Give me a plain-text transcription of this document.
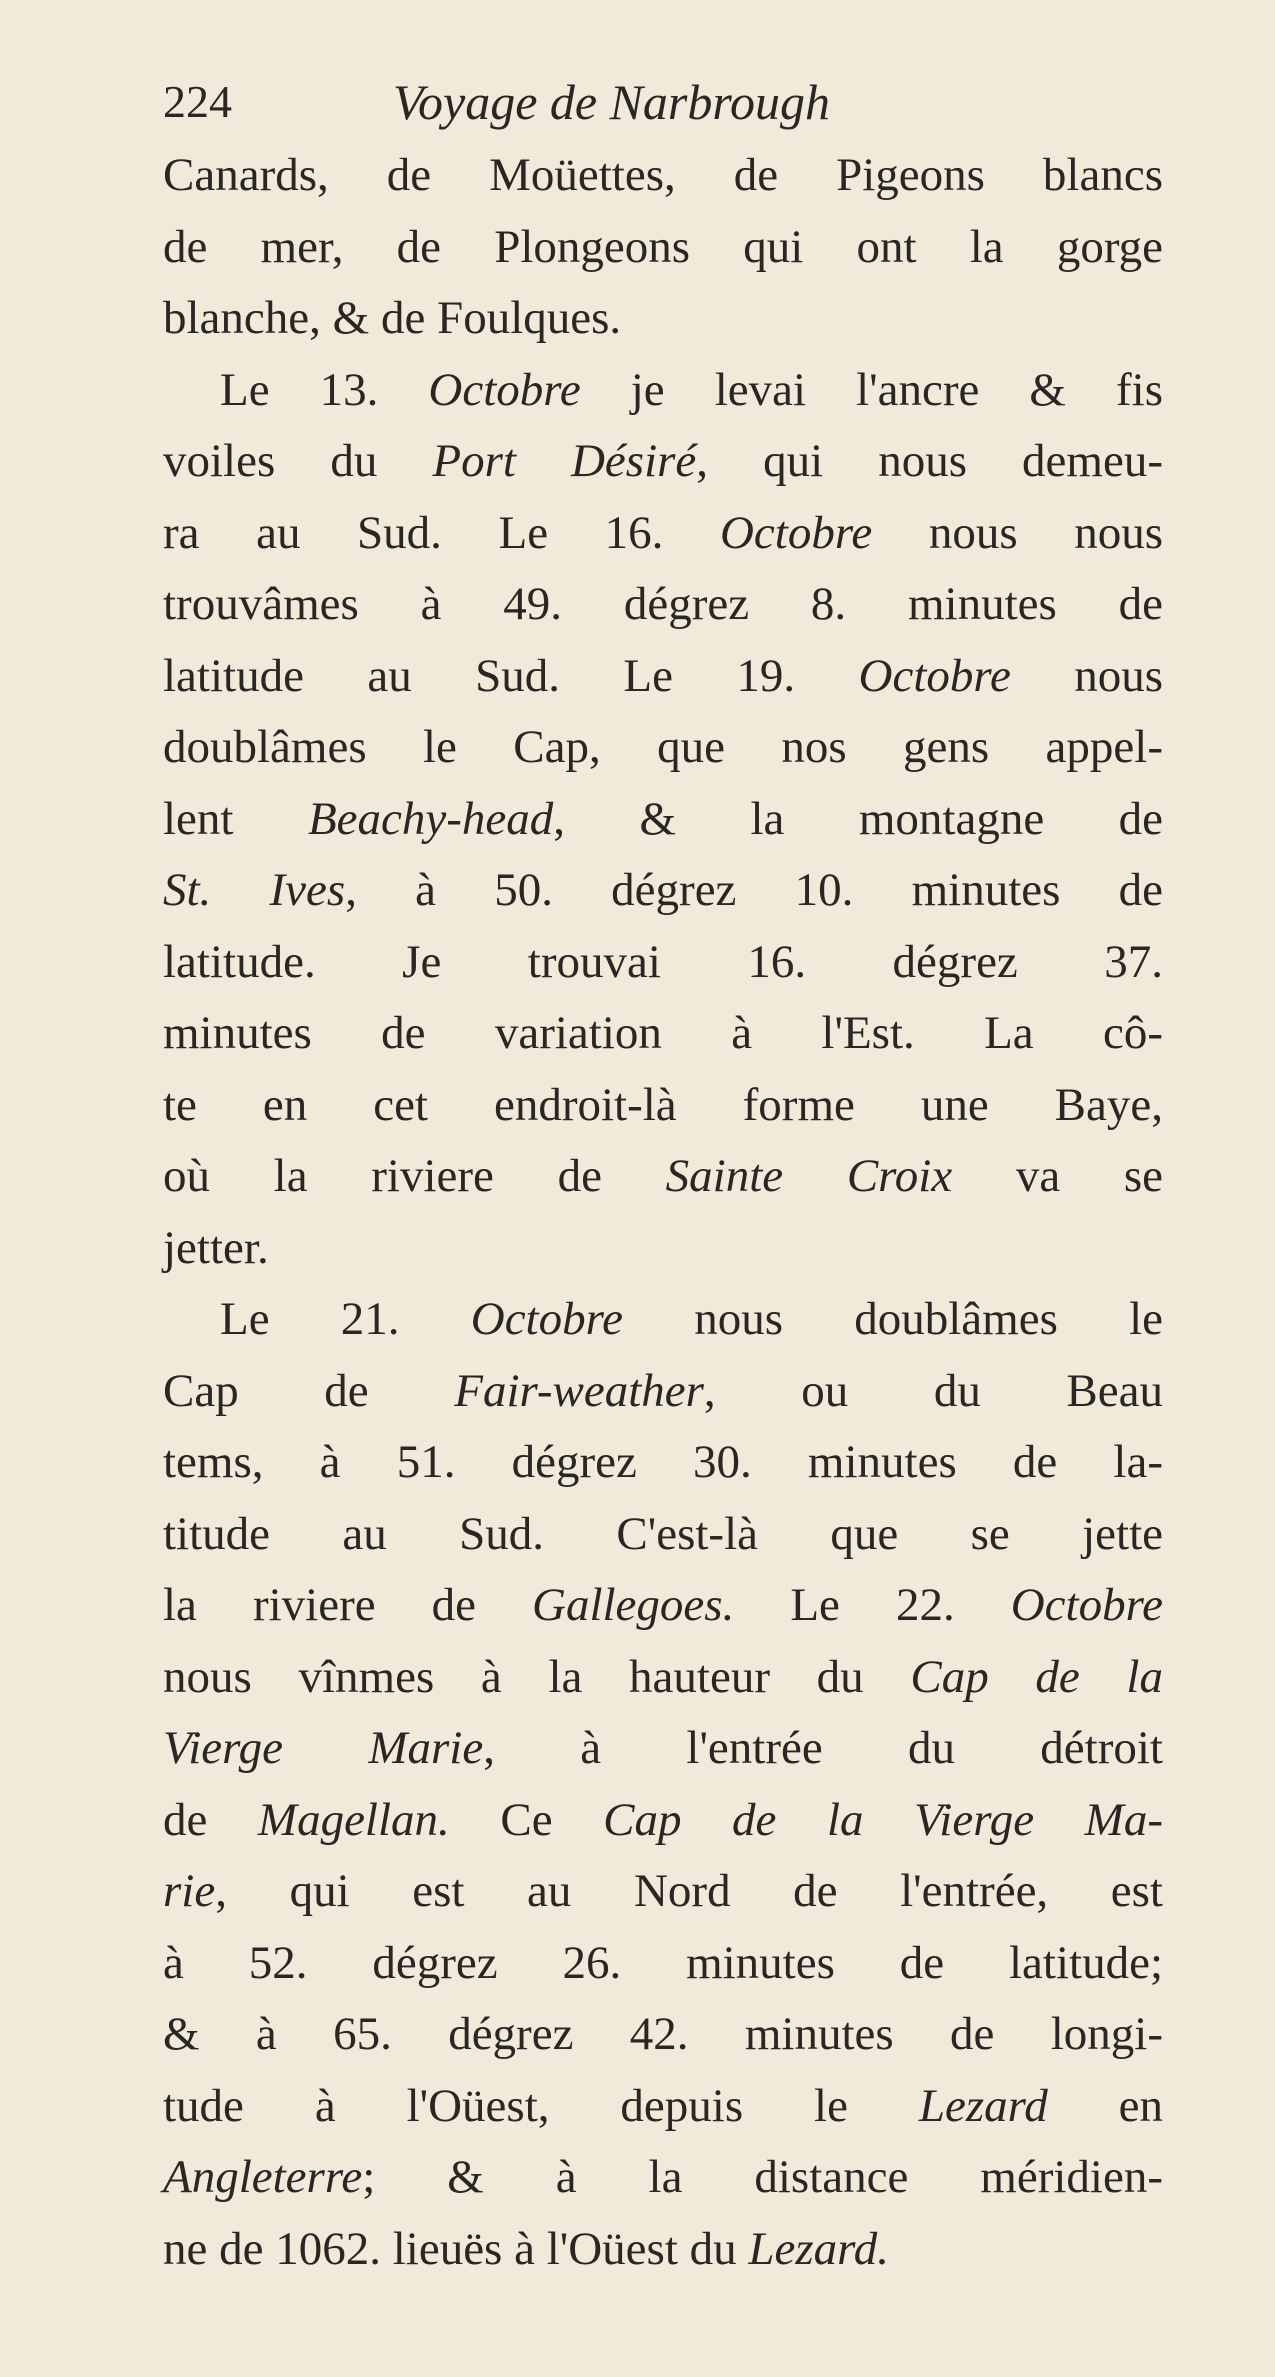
224	Voyage de Narbrough
Canards, de Moüettes, de Pigeons blancs
de mer, de Plongeons qui ont la gorge
blanche, & de Foulques.
Le 13. Octobre je levai l'ancre & fis
voiles du Port Désiré, qui nous demeu-
ra au Sud. Le 16. Octobre nous nous
trouvâmes à 49. dégrez 8. minutes de
latitude au Sud. Le 19. Octobre nous
doublâmes le Cap, que nos gens appel-
lent Beachy-head, & la montagne de
St. Ives, à 50. dégrez 10. minutes de
latitude. Je trouvai 16. dégrez 37.
minutes de variation à l'Est. La cô-
te en cet endroit-là forme une Baye,
où la riviere de Sainte Croix va se
jetter.
Le 21. Octobre nous doublâmes le
Cap de Fair-weather, ou du Beau
tems, à 51. dégrez 30. minutes de la-
titude au Sud. C'est-là que se jette
la riviere de Gallegoes. Le 22. Octobre
nous vînmes à la hauteur du Cap de la
Vierge Marie, à l'entrée du détroit
de Magellan. Ce Cap de la Vierge Ma-
rie, qui est au Nord de l'entrée, est
à 52. dégrez 26. minutes de latitude;
& à 65. dégrez 42. minutes de longi-
tude à l'Oüest, depuis le Lezard en
Angleterre; & à la distance méridien-
ne de 1062. lieuës à l'Oüest du Lezard.
